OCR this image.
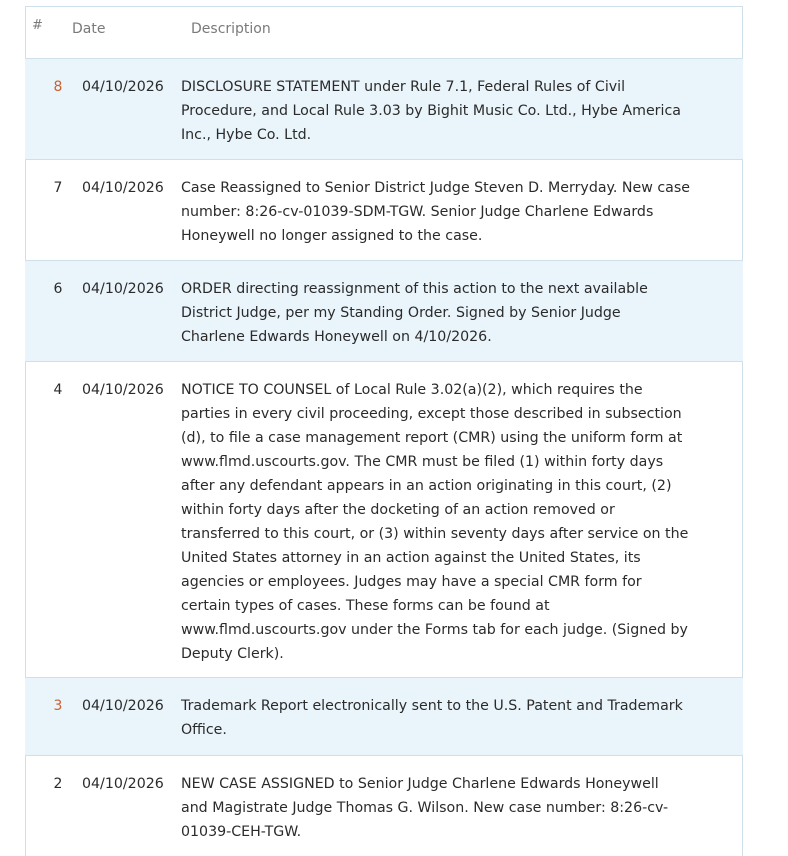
# Date	Description
8 04/10/2026 DISCLOSURE STATEMENT under Rule 7.1, Federal Rules of Civil
Procedure, and Local Rule 3.03 by Bighit Music Co. Ltd., Hybe America
Inc., Hybe Co. Ltd.
7 04/10/2026 Case Reassigned to Senior District Judge Steven D. Merryday. New case
number: 8:26-cv-01039-SDM-TGW. Senior Judge Charlene Edwards
Honeywell no longer assigned to the case.
6 04/10/2026 ORDER directing reassignment of this action to the next available
District Judge, per my Standing Order. Signed by Senior Judge
Charlene Edwards Honeywell on 4/10/2026.
4 04/10/2026 NOTICE TO COUNSEL of Local Rule 3.02(a)(2), which requires the
parties in every civil proceeding, except those described in subsection
(d), to file a case management report (CMR) using the uniform form at
www.flmd.uscourts.gov. The CMR must be filed (1) within forty days
after any defendant appears in an action originating in this court, (2)
within forty days after the docketing of an action removed or
transferred to this court, or (3) within seventy days after service on the
United States attorney in an action against the United States, its
agencies or employees. Judges may have a special CMR form for
certain types of cases. These forms can be found at
www.flmd.uscourts.gov under the Forms tab for each judge. (Signed by
Deputy Clerk).
3 04/10/2026 Trademark Report electronically sent to the U.S. Patent and Trademark
Office.
2 04/10/2026 NEW CASE ASSIGNED to Senior Judge Charlene Edwards Honeywell
and Magistrate Judge Thomas G. Wilson. New case number: 8:26-cv-
01039-CEH-TGW.
